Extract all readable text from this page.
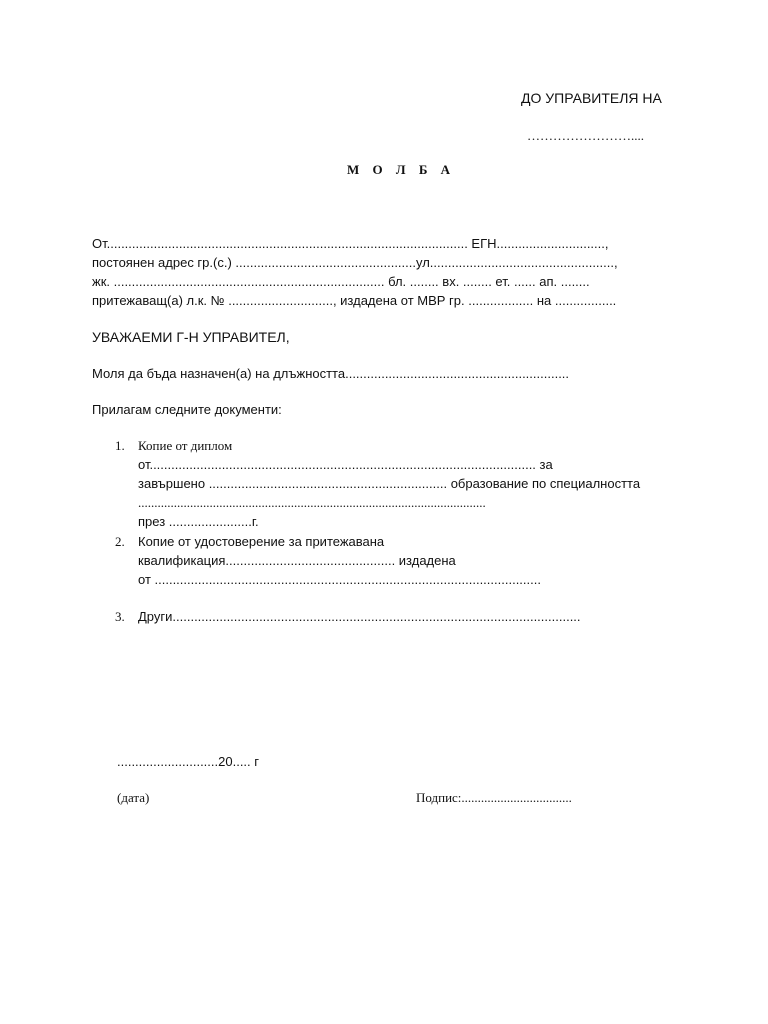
ДО УПРАВИТЕЛЯ НА
……………………....
М О Л Б А
От.................................................................................................... ЕГН..............................,
постоянен адрес гр.(с.) ..................................................ул...................................................,
жк. ........................................................................... бл. ........ вх. ........ ет. ...... ап. ........
притежаващ(а) л.к. № ............................., издадена от МВР гр. .................. на .................
УВАЖАЕМИ Г-Н УПРАВИТЕЛ,
Моля да бъда назначен(а) на длъжността..............................................................
Прилагам следните документи:
1. Копие от диплом
от........................................................................................................... за
завършено .................................................................. образование по специалността
...........................................................................................................
през .......................г.
2. Копие от удостоверение за притежавана
квалификация............................................... издадена
от ...........................................................................................................
3. Други.................................................................................................................
............................20..... г
(дата)	Подпис:..................................
